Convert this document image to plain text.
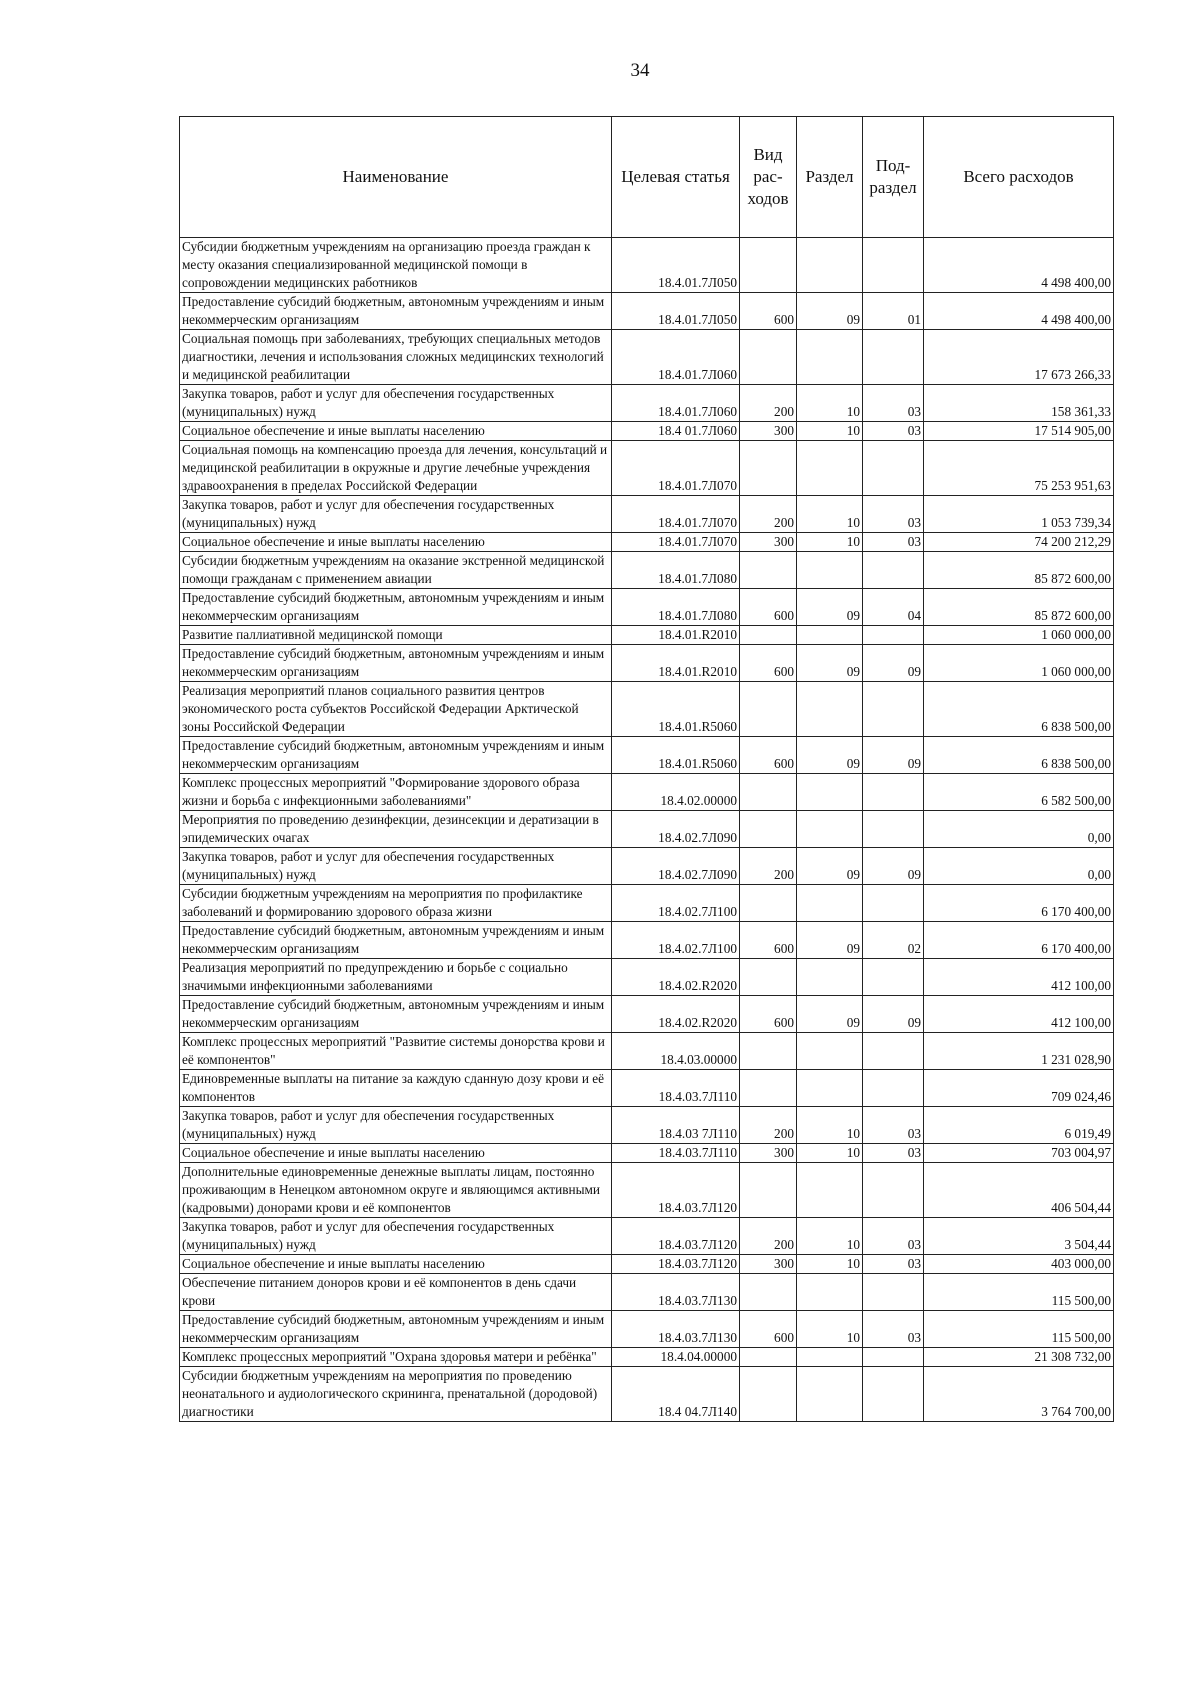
34
Наименование	Целевая статья	Вид рас-ходов	Раздел	Под-раздел	Всего расходов
Субсидии бюджетным учреждениям на организацию проезда граждан к месту оказания специализированной медицинской помощи в сопровождении медицинских работников	18.4.01.7Л050				4 498 400,00
Предоставление субсидий бюджетным, автономным учреждениям и иным некоммерческим организациям	18.4.01.7Л050	600	09	01	4 498 400,00
Социальная помощь при заболеваниях, требующих специальных методов диагностики, лечения и использования сложных медицинских технологий и медицинской реабилитации	18.4.01.7Л060				17 673 266,33
Закупка товаров, работ и услуг для обеспечения государственных (муниципальных) нужд	18.4.01.7Л060	200	10	03	158 361,33
Социальное обеспечение и иные выплаты населению	18.4 01.7Л060	300	10	03	17 514 905,00
Социальная помощь на компенсацию проезда для лечения, консультаций и медицинской реабилитации в окружные и другие лечебные учреждения здравоохранения в пределах Российской Федерации	18.4.01.7Л070				75 253 951,63
Закупка товаров, работ и услуг для обеспечения государственных (муниципальных) нужд	18.4.01.7Л070	200	10	03	1 053 739,34
Социальное обеспечение и иные выплаты населению	18.4.01.7Л070	300	10	03	74 200 212,29
Субсидии бюджетным учреждениям на оказание экстренной медицинской помощи гражданам с применением авиации	18.4.01.7Л080				85 872 600,00
Предоставление субсидий бюджетным, автономным учреждениям и иным некоммерческим организациям	18.4.01.7Л080	600	09	04	85 872 600,00
Развитие паллиативной медицинской помощи	18.4.01.R2010				1 060 000,00
Предоставление субсидий бюджетным, автономным учреждениям и иным некоммерческим организациям	18.4.01.R2010	600	09	09	1 060 000,00
Реализация мероприятий планов социального развития центров экономического роста субъектов Российской Федерации Арктической зоны Российской Федерации	18.4.01.R5060				6 838 500,00
Предоставление субсидий бюджетным, автономным учреждениям и иным некоммерческим организациям	18.4.01.R5060	600	09	09	6 838 500,00
Комплекс процессных мероприятий "Формирование здорового образа жизни и борьба с инфекционными заболеваниями"	18.4.02.00000				6 582 500,00
Мероприятия по проведению дезинфекции, дезинсекции и дератизации в эпидемических очагах	18.4.02.7Л090				0,00
Закупка товаров, работ и услуг для обеспечения государственных (муниципальных) нужд	18.4.02.7Л090	200	09	09	0,00
Субсидии бюджетным учреждениям на мероприятия по профилактике заболеваний и формированию здорового образа жизни	18.4.02.7Л100				6 170 400,00
Предоставление субсидий бюджетным, автономным учреждениям и иным некоммерческим организациям	18.4.02.7Л100	600	09	02	6 170 400,00
Реализация мероприятий по предупреждению и борьбе с социально значимыми инфекционными заболеваниями	18.4.02.R2020				412 100,00
Предоставление субсидий бюджетным, автономным учреждениям и иным некоммерческим организациям	18.4.02.R2020	600	09	09	412 100,00
Комплекс процессных мероприятий "Развитие системы донорства крови и её компонентов"	18.4.03.00000				1 231 028,90
Единовременные выплаты на питание за каждую сданную дозу крови и её компонентов	18.4.03.7Л110				709 024,46
Закупка товаров, работ и услуг для обеспечения государственных (муниципальных) нужд	18.4.03 7Л110	200	10	03	6 019,49
Социальное обеспечение и иные выплаты населению	18.4.03.7Л110	300	10	03	703 004,97
Дополнительные единовременные денежные выплаты лицам, постоянно проживающим в Ненецком автономном округе и являющимся активными (кадровыми) донорами крови и её компонентов	18.4.03.7Л120				406 504,44
Закупка товаров, работ и услуг для обеспечения государственных (муниципальных) нужд	18.4.03.7Л120	200	10	03	3 504,44
Социальное обеспечение и иные выплаты населению	18.4.03.7Л120	300	10	03	403 000,00
Обеспечение питанием доноров крови и её компонентов в день сдачи крови	18.4.03.7Л130				115 500,00
Предоставление субсидий бюджетным, автономным учреждениям и иным некоммерческим организациям	18.4.03.7Л130	600	10	03	115 500,00
Комплекс процессных мероприятий "Охрана здоровья матери и ребёнка"	18.4.04.00000				21 308 732,00
Субсидии бюджетным учреждениям на мероприятия по проведению неонатального и аудиологического скрининга, пренатальной (дородовой) диагностики	18.4 04.7Л140				3 764 700,00
